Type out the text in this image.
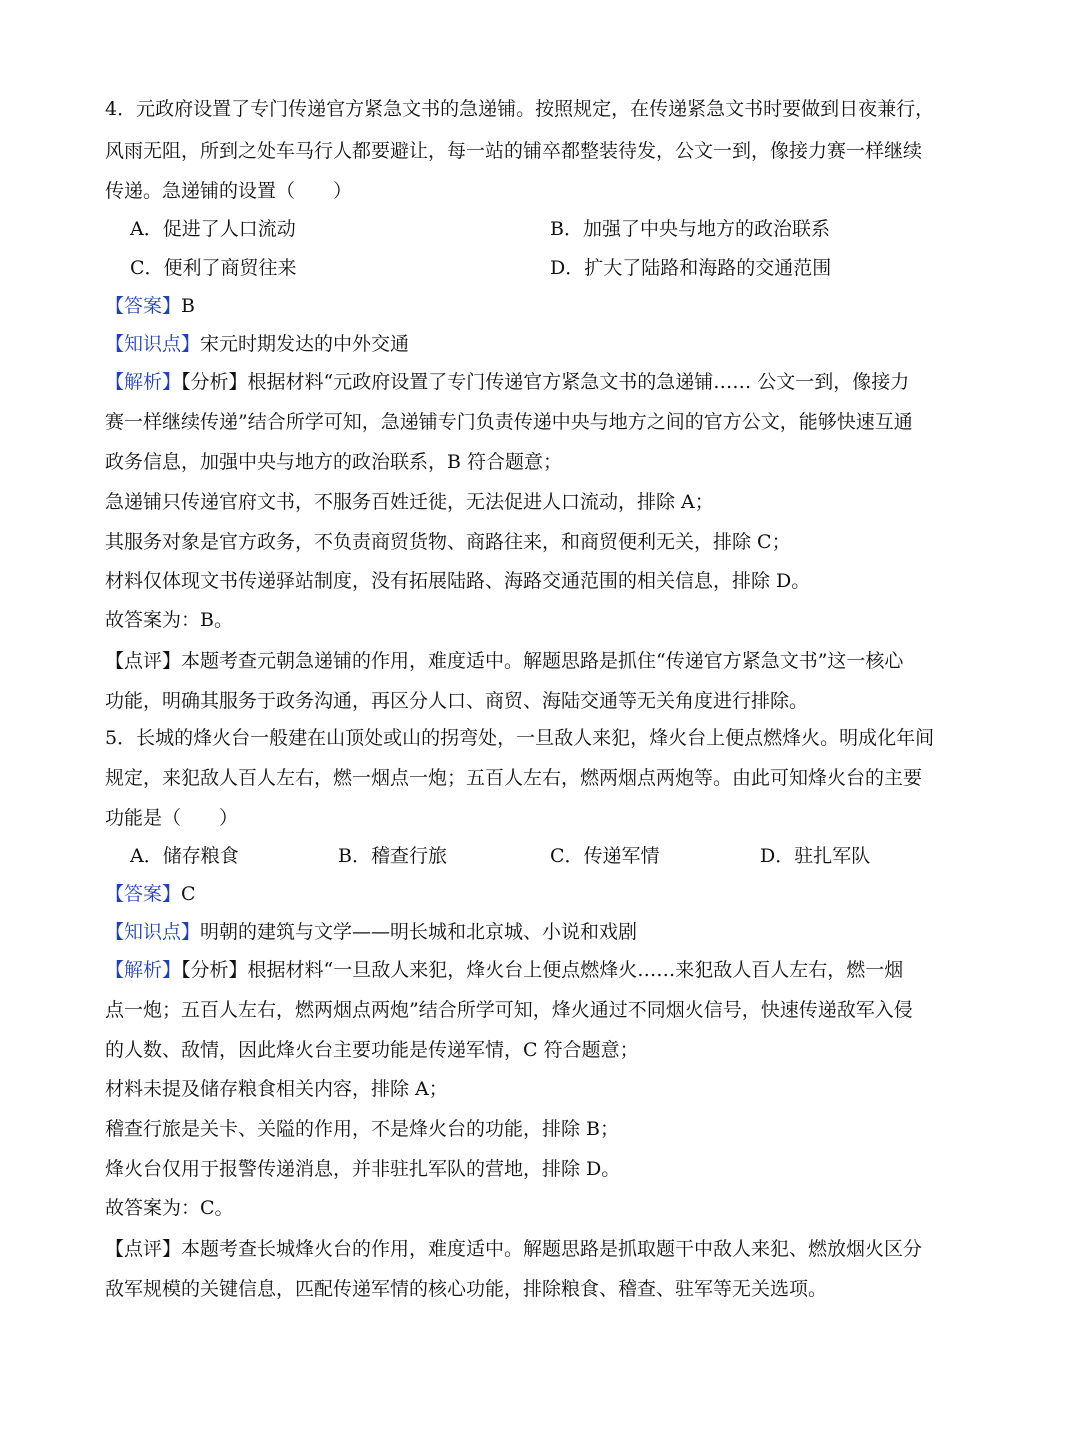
4．元政府设置了专门传递官方紧急文书的急递铺。按照规定，在传递紧急文书时要做到日夜兼行，
风雨无阻，所到之处车马行人都要避让，每一站的铺卒都整装待发，公文一到，像接力赛一样继续
传递。急递铺的设置（　　）
A．促进了人口流动	B．加强了中央与地方的政治联系
C．便利了商贸往来	D．扩大了陆路和海路的交通范围
【答案】B
【知识点】宋元时期发达的中外交通
【解析】【分析】根据材料“元政府设置了专门传递官方紧急文书的急递铺…… 公文一到，像接力
赛一样继续传递”结合所学可知，急递铺专门负责传递中央与地方之间的官方公文，能够快速互通
政务信息，加强中央与地方的政治联系，B 符合题意；
急递铺只传递官府文书，不服务百姓迁徙，无法促进人口流动，排除 A；
其服务对象是官方政务，不负责商贸货物、商路往来，和商贸便利无关，排除 C；
材料仅体现文书传递驿站制度，没有拓展陆路、海路交通范围的相关信息，排除 D。
故答案为：B。
【点评】本题考查元朝急递铺的作用，难度适中。解题思路是抓住“传递官方紧急文书”这一核心
功能，明确其服务于政务沟通，再区分人口、商贸、海陆交通等无关角度进行排除。
5．长城的烽火台一般建在山顶处或山的拐弯处，一旦敌人来犯，烽火台上便点燃烽火。明成化年间
规定，来犯敌人百人左右，燃一烟点一炮；五百人左右，燃两烟点两炮等。由此可知烽火台的主要
功能是（　　）
A．储存粮食	B．稽查行旅	C．传递军情	D．驻扎军队
【答案】C
【知识点】明朝的建筑与文学——明长城和北京城、小说和戏剧
【解析】【分析】根据材料“一旦敌人来犯，烽火台上便点燃烽火……来犯敌人百人左右，燃一烟
点一炮；五百人左右，燃两烟点两炮”结合所学可知，烽火通过不同烟火信号，快速传递敌军入侵
的人数、敌情，因此烽火台主要功能是传递军情，C 符合题意；
材料未提及储存粮食相关内容，排除 A；
稽查行旅是关卡、关隘的作用，不是烽火台的功能，排除 B；
烽火台仅用于报警传递消息，并非驻扎军队的营地，排除 D。
故答案为：C。
【点评】本题考查长城烽火台的作用，难度适中。解题思路是抓取题干中敌人来犯、燃放烟火区分
敌军规模的关键信息，匹配传递军情的核心功能，排除粮食、稽查、驻军等无关选项。
